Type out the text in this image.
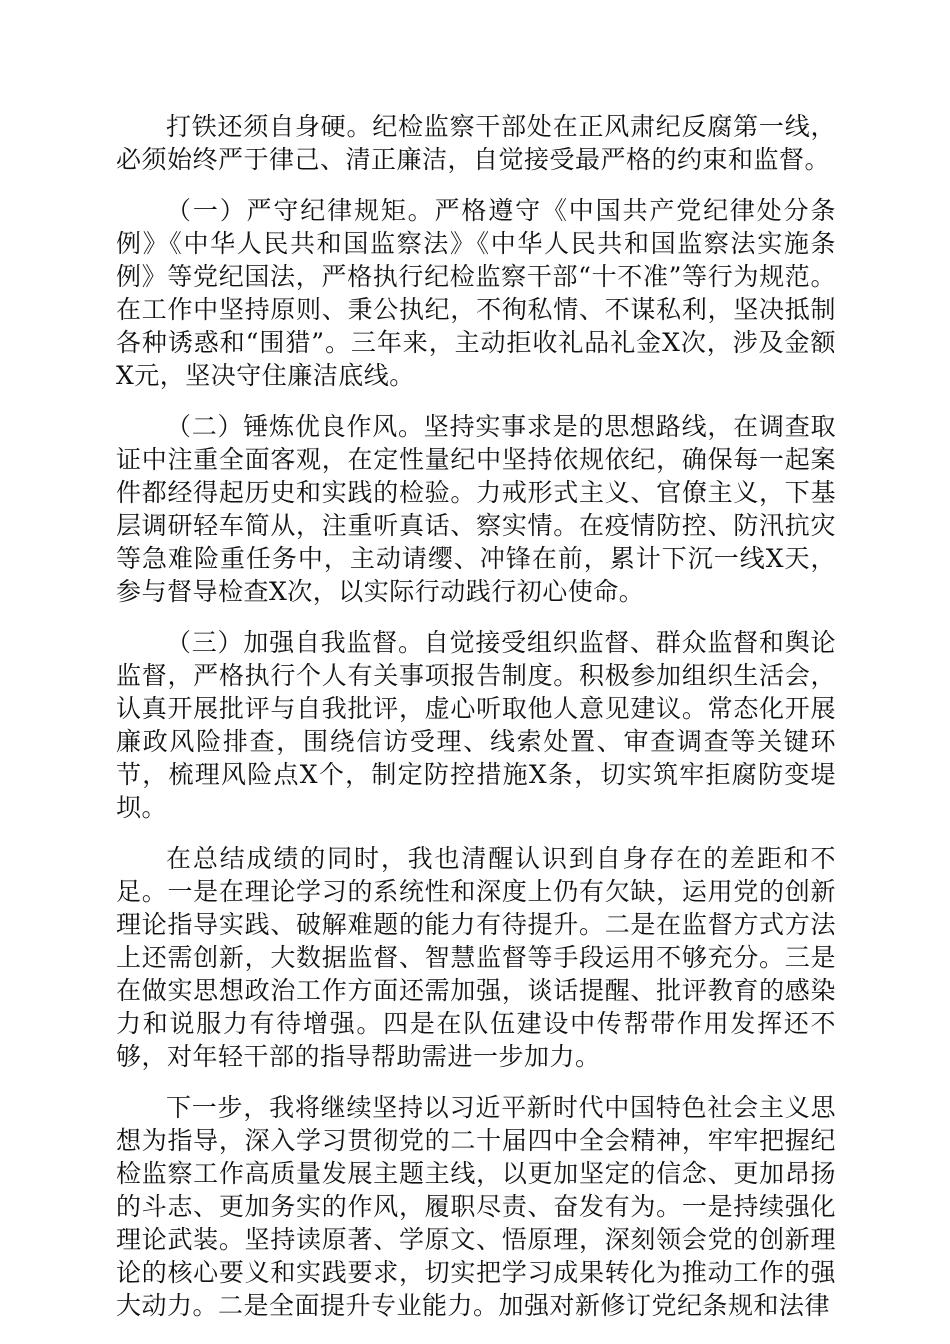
打铁还须自身硬。纪检监察干部处在正风肃纪反腐第一线，必须始终严于律己、清正廉洁，自觉接受最严格的约束和监督。

（一）严守纪律规矩。严格遵守《中国共产党纪律处分条例》《中华人民共和国监察法》《中华人民共和国监察法实施条例》等党纪国法，严格执行纪检监察干部“十不准”等行为规范。在工作中坚持原则、秉公执纪，不徇私情、不谋私利，坚决抵制各种诱惑和“围猎”。三年来，主动拒收礼品礼金X次，涉及金额X元，坚决守住廉洁底线。

（二）锤炼优良作风。坚持实事求是的思想路线，在调查取证中注重全面客观，在定性量纪中坚持依规依纪，确保每一起案件都经得起历史和实践的检验。力戒形式主义、官僚主义，下基层调研轻车简从，注重听真话、察实情。在疫情防控、防汛抗灾等急难险重任务中，主动请缨、冲锋在前，累计下沉一线X天，参与督导检查X次，以实际行动践行初心使命。

（三）加强自我监督。自觉接受组织监督、群众监督和舆论监督，严格执行个人有关事项报告制度。积极参加组织生活会，认真开展批评与自我批评，虚心听取他人意见建议。常态化开展廉政风险排查，围绕信访受理、线索处置、审查调查等关键环节，梳理风险点X个，制定防控措施X条，切实筑牢拒腐防变堤坝。

在总结成绩的同时，我也清醒认识到自身存在的差距和不足。一是在理论学习的系统性和深度上仍有欠缺，运用党的创新理论指导实践、破解难题的能力有待提升。二是在监督方式方法上还需创新，大数据监督、智慧监督等手段运用不够充分。三是在做实思想政治工作方面还需加强，谈话提醒、批评教育的感染力和说服力有待增强。四是在队伍建设中传帮带作用发挥还不够，对年轻干部的指导帮助需进一步加力。

下一步，我将继续坚持以习近平新时代中国特色社会主义思想为指导，深入学习贯彻党的二十届四中全会精神，牢牢把握纪检监察工作高质量发展主题主线，以更加坚定的信念、更加昂扬的斗志、更加务实的作风，履职尽责、奋发有为。一是持续强化理论武装。坚持读原著、学原文、悟原理，深刻领会党的创新理论的核心要义和实践要求，切实把学习成果转化为推动工作的强大动力。二是全面提升专业能力。加强对新修订党纪条规和法律
